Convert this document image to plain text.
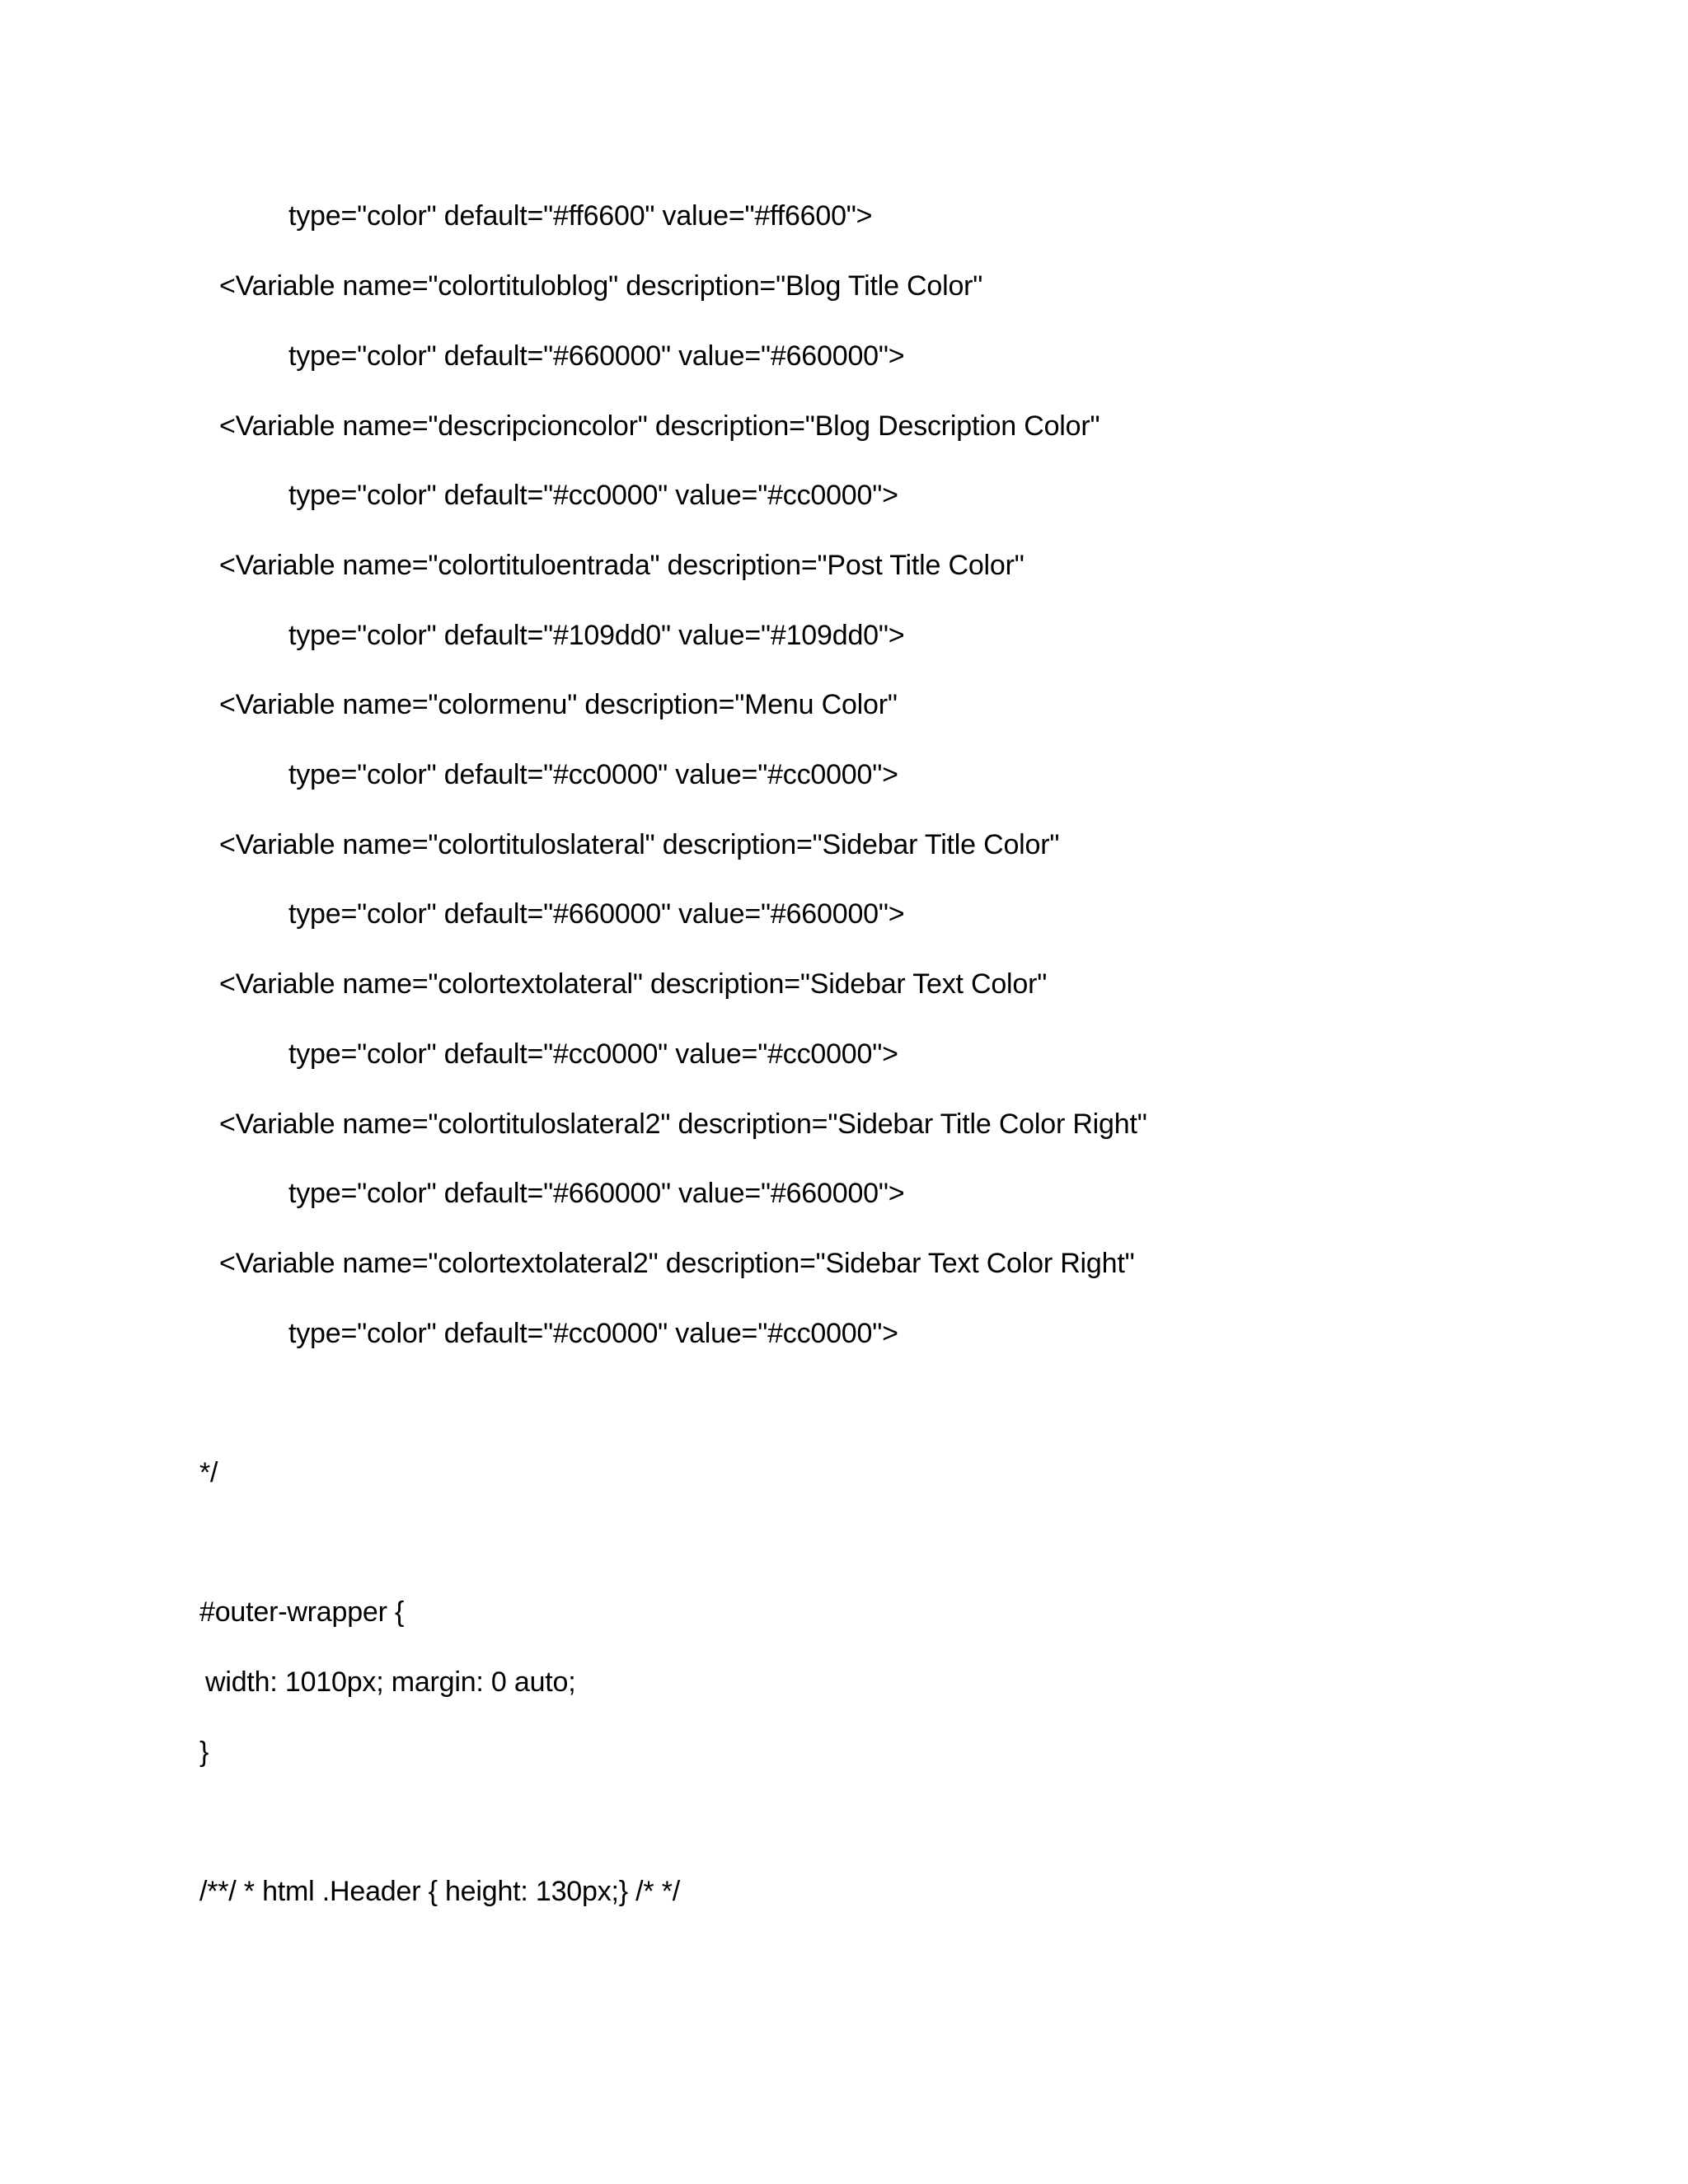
type="color" default="#ff6600" value="#ff6600">
<Variable name="colortituloblog" description="Blog Title Color"
type="color" default="#660000" value="#660000">
<Variable name="descripcioncolor" description="Blog Description Color"
type="color" default="#cc0000" value="#cc0000">
<Variable name="colortituloentrada" description="Post Title Color"
type="color" default="#109dd0" value="#109dd0">
<Variable name="colormenu" description="Menu Color"
type="color" default="#cc0000" value="#cc0000">
<Variable name="colortituloslateral" description="Sidebar Title Color"
type="color" default="#660000" value="#660000">
<Variable name="colortextolateral" description="Sidebar Text Color"
type="color" default="#cc0000" value="#cc0000">
<Variable name="colortituloslateral2" description="Sidebar Title Color Right"
type="color" default="#660000" value="#660000">
<Variable name="colortextolateral2" description="Sidebar Text Color Right"
type="color" default="#cc0000" value="#cc0000">
*/
#outer-wrapper {
width: 1010px; margin: 0 auto;
}
/**/ * html .Header { height: 130px;} /* */
